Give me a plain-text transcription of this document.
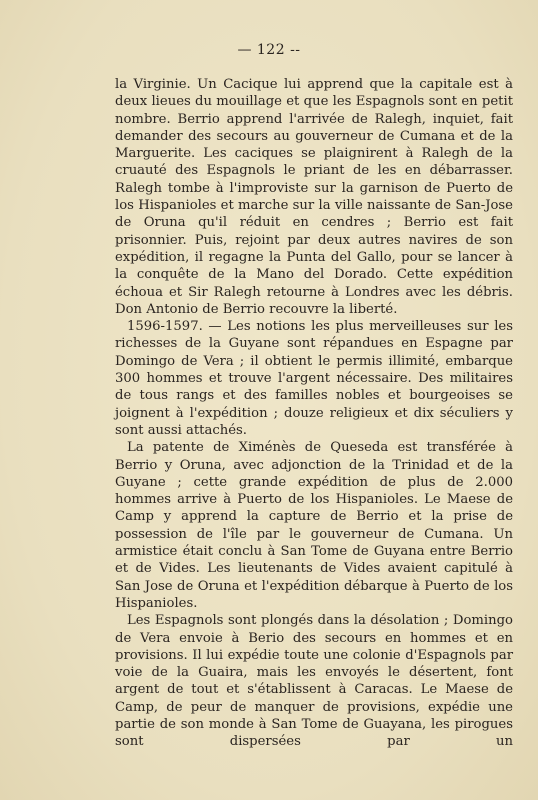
— 122 --

la Virginie. Un Cacique lui apprend que la capitale est à deux lieues du mouillage et que les Espagnols sont en petit nombre. Berrio apprend l'arrivée de Ralegh, inquiet, fait demander des secours au gouverneur de Cumana et de la Marguerite. Les caciques se plaignirent à Ralegh de la cruauté des Espagnols le priant de les en débarrasser. Ralegh tombe à l'improviste sur la garnison de Puerto de los Hispanioles et marche sur la ville naissante de San-Jose de Oruna qu'il réduit en cendres ; Berrio est fait prisonnier. Puis, rejoint par deux autres navires de son expédition, il regagne la Punta del Gallo, pour se lancer à la conquête de la Mano del Dorado. Cette expédition échoua et Sir Ralegh retourne à Londres avec les débris. Don Antonio de Berrio recouvre la liberté.

1596-1597. — Les notions les plus merveilleuses sur les richesses de la Guyane sont répandues en Espagne par Domingo de Vera ; il obtient le permis illimité, embarque 300 hommes et trouve l'argent nécessaire. Des militaires de tous rangs et des familles nobles et bourgeoises se joignent à l'expédition ; douze religieux et dix séculiers y sont aussi attachés.

La patente de Ximénès de Queseda est transférée à Berrio y Oruna, avec adjonction de la Trinidad et de la Guyane ; cette grande expédition de plus de 2.000 hommes arrive à Puerto de los Hispanioles. Le Maese de Camp y apprend la capture de Berrio et la prise de possession de l'île par le gouverneur de Cumana. Un armistice était conclu à San Tome de Guyana entre Berrio et de Vides. Les lieutenants de Vides avaient capitulé à San Jose de Oruna et l'expédition débarque à Puerto de los Hispanioles.

Les Espagnols sont plongés dans la désolation ; Domingo de Vera envoie à Berio des secours en hommes et en provisions. Il lui expédie toute une colonie d'Espagnols par voie de la Guaira, mais les envoyés le désertent, font argent de tout et s'établissent à Caracas. Le Maese de Camp, de peur de manquer de provisions, expédie une partie de son monde à San Tome de Guayana, les pirogues sont dispersées par un
